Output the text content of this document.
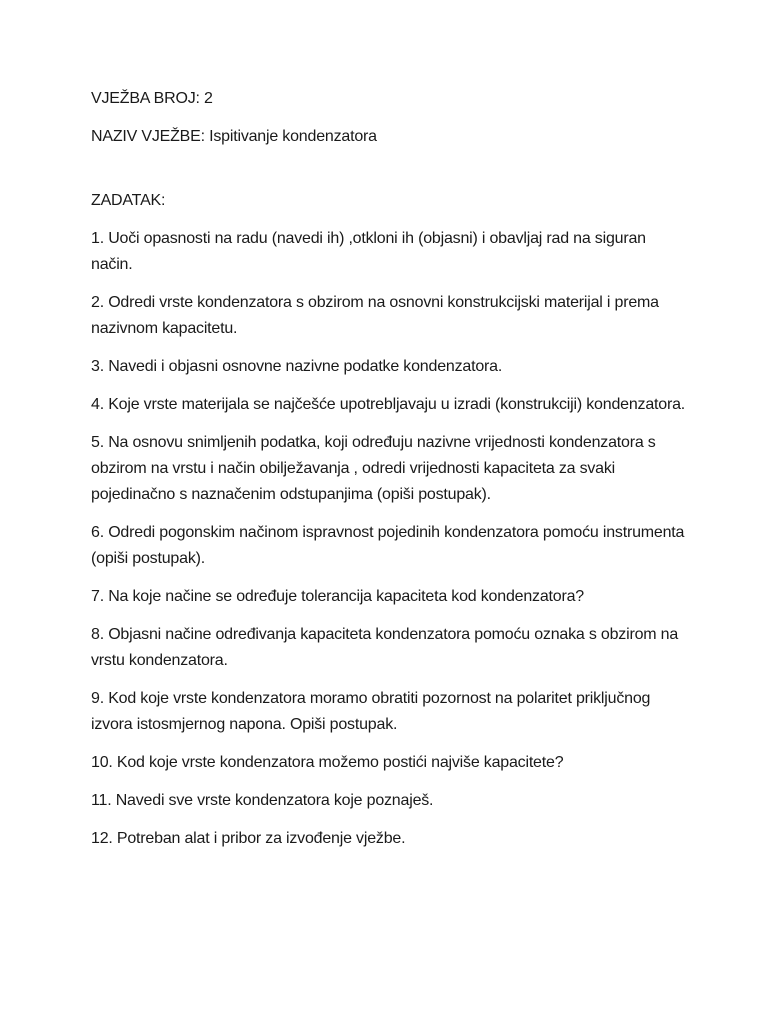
VJEŽBA BROJ: 2

NAZIV VJEŽBE: Ispitivanje kondenzatora

ZADATAK:

1. Uoči opasnosti na radu (navedi ih) ,otkloni ih (objasni) i obavljaj rad na siguran način.
2. Odredi vrste kondenzatora s obzirom na osnovni konstrukcijski materijal i prema nazivnom kapacitetu.
3. Navedi i objasni osnovne nazivne podatke kondenzatora.
4. Koje vrste materijala se najčešće upotrebljavaju u izradi (konstrukciji) kondenzatora.
5. Na osnovu snimljenih podatka, koji određuju nazivne vrijednosti kondenzatora s obzirom na vrstu i način obilježavanja , odredi vrijednosti kapaciteta za svaki pojedinačno s naznačenim odstupanjima (opiši postupak).
6. Odredi pogonskim načinom ispravnost pojedinih kondenzatora pomoću instrumenta (opiši postupak).
7. Na koje načine se određuje tolerancija kapaciteta kod kondenzatora?
8. Objasni načine određivanja kapaciteta kondenzatora pomoću oznaka s obzirom na vrstu kondenzatora.
9. Kod koje vrste kondenzatora moramo obratiti pozornost na polaritet priključnog izvora istosmjernog napona. Opiši postupak.
10. Kod koje vrste kondenzatora možemo postići najviše kapacitete?
11. Navedi sve vrste kondenzatora koje poznaješ.
12. Potreban alat i pribor za izvođenje vježbe.
